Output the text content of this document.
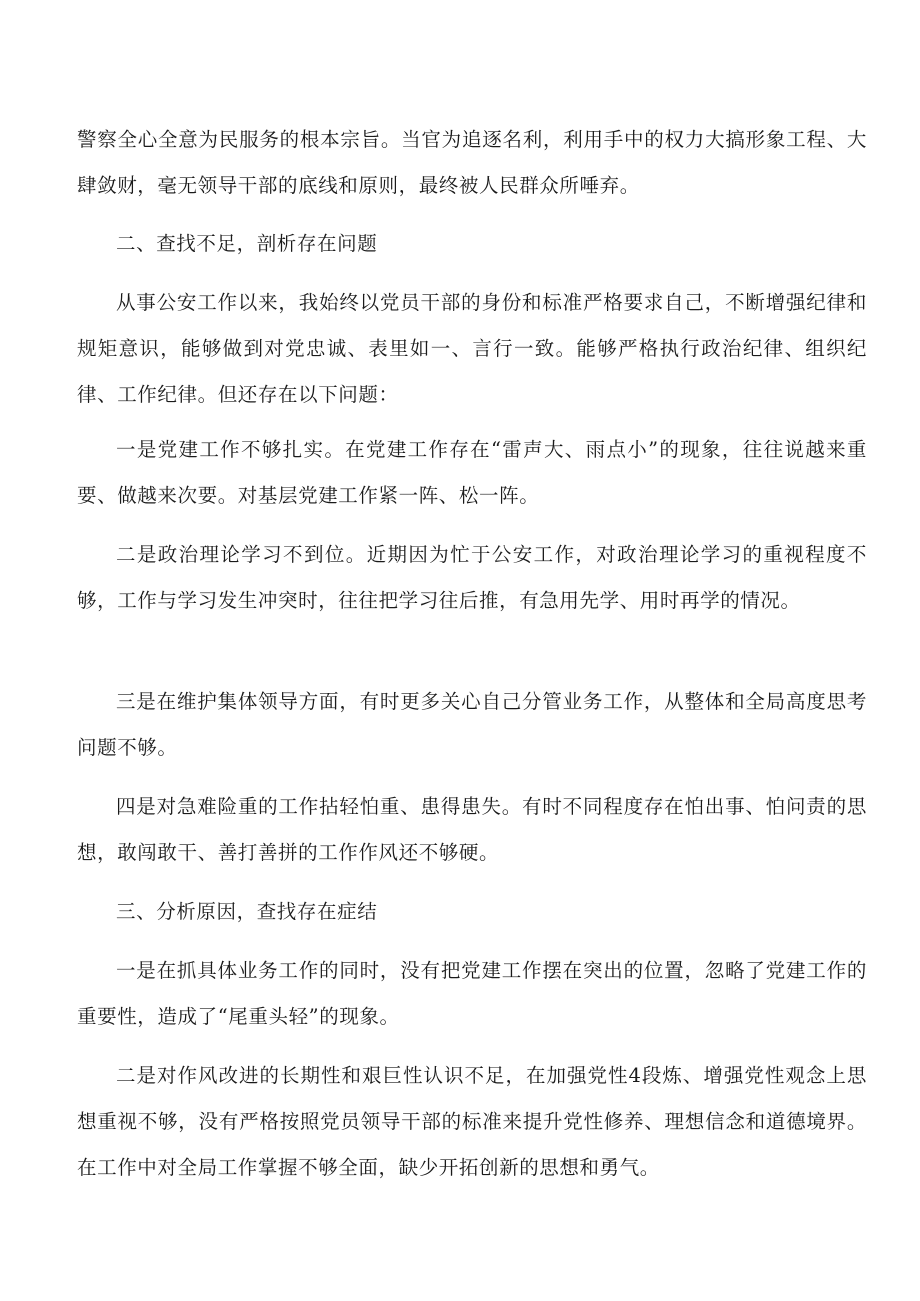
警察全心全意为民服务的根本宗旨。当官为追逐名利，利用手中的权力大搞形象工程、大肆敛财，毫无领导干部的底线和原则，最终被人民群众所唾弃。

二、查找不足，剖析存在问题

从事公安工作以来，我始终以党员干部的身份和标准严格要求自己，不断增强纪律和规矩意识，能够做到对党忠诚、表里如一、言行一致。能够严格执行政治纪律、组织纪律、工作纪律。但还存在以下问题：

一是党建工作不够扎实。在党建工作存在“雷声大、雨点小”的现象，往往说越来重要、做越来次要。对基层党建工作紧一阵、松一阵。

二是政治理论学习不到位。近期因为忙于公安工作，对政治理论学习的重视程度不够，工作与学习发生冲突时，往往把学习往后推，有急用先学、用时再学的情况。

三是在维护集体领导方面，有时更多关心自己分管业务工作，从整体和全局高度思考问题不够。

四是对急难险重的工作拈轻怕重、患得患失。有时不同程度存在怕出事、怕问责的思想，敢闯敢干、善打善拼的工作作风还不够硬。

三、分析原因，查找存在症结

一是在抓具体业务工作的同时，没有把党建工作摆在突出的位置，忽略了党建工作的重要性，造成了“尾重头轻”的现象。

二是对作风改进的长期性和艰巨性认识不足，在加强党性4段炼、增强党性观念上思想重视不够，没有严格按照党员领导干部的标准来提升党性修养、理想信念和道德境界。在工作中对全局工作掌握不够全面，缺少开拓创新的思想和勇气。
